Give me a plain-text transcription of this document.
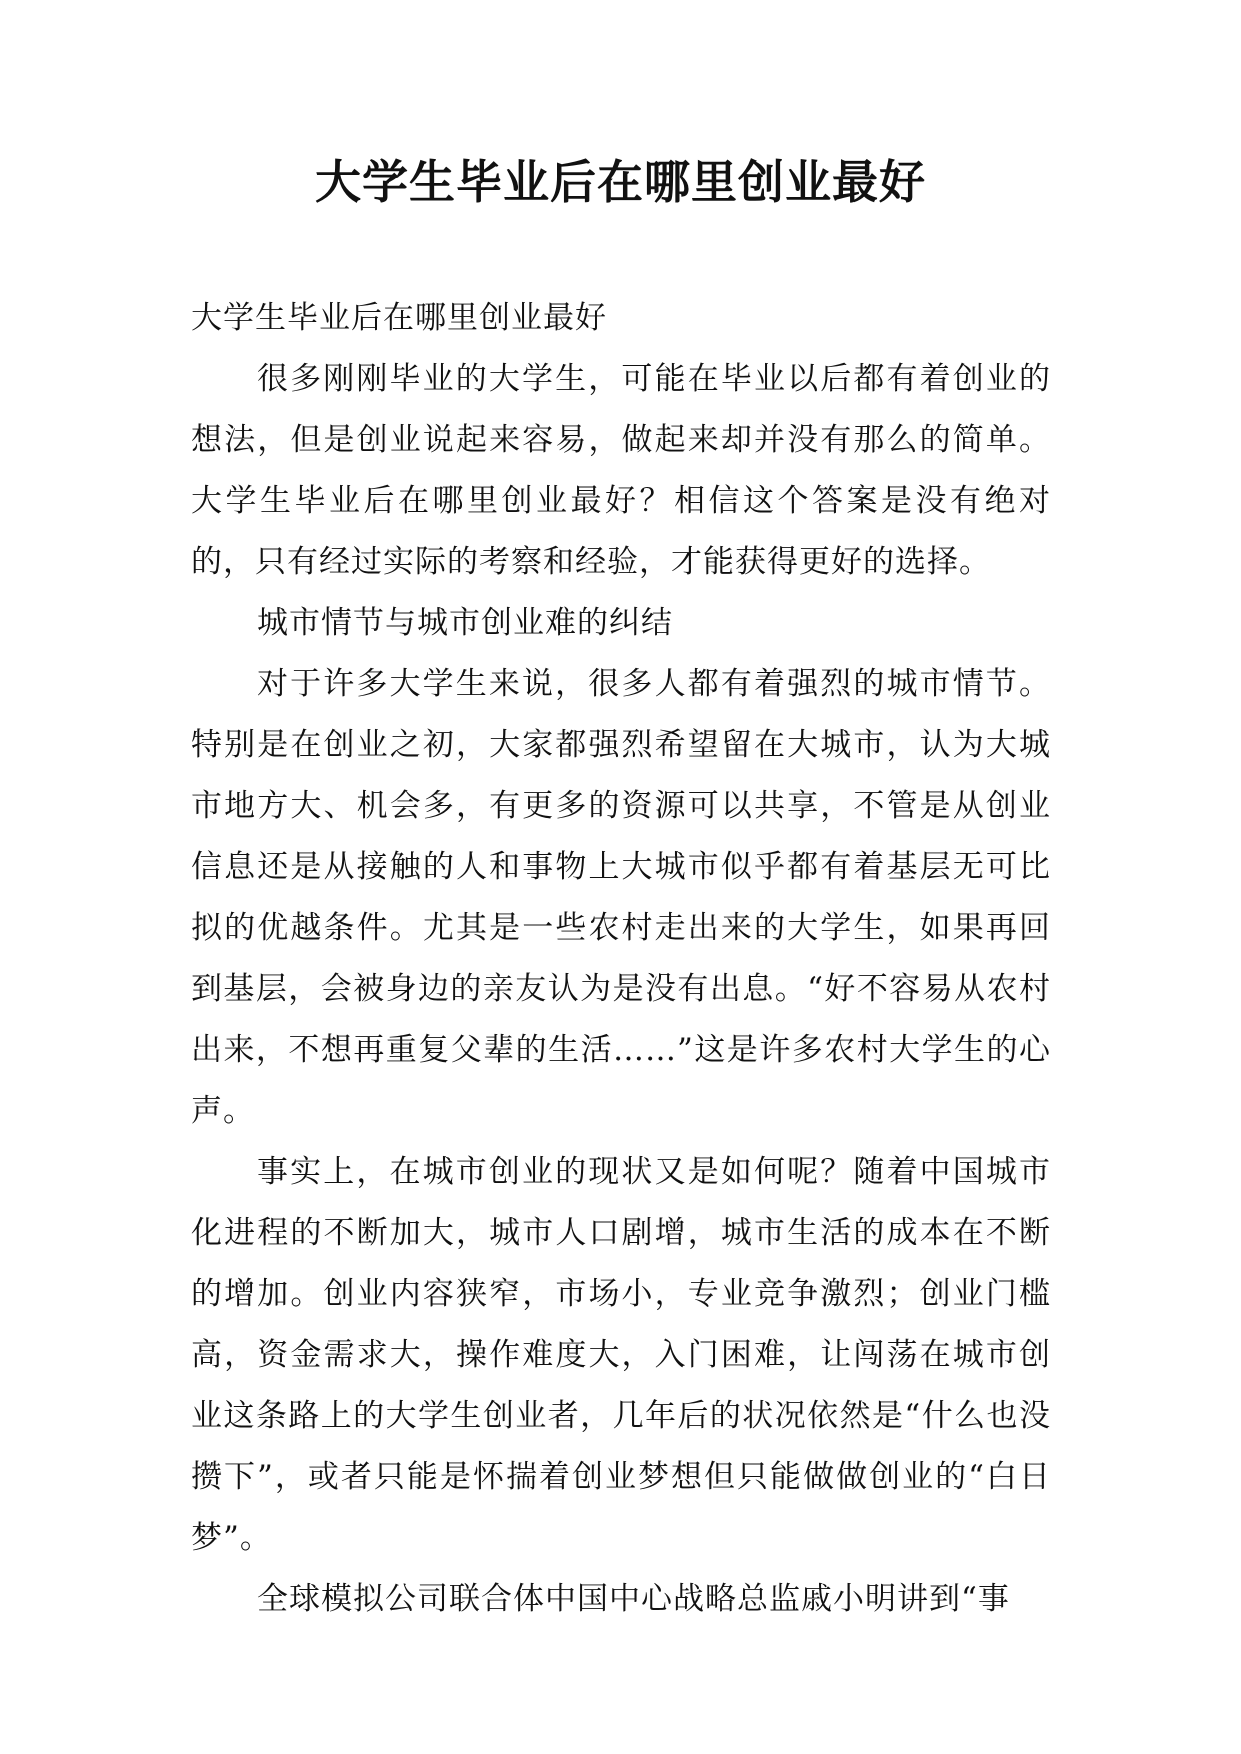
大学生毕业后在哪里创业最好

大学生毕业后在哪里创业最好

很多刚刚毕业的大学生，可能在毕业以后都有着创业的想法，但是创业说起来容易，做起来却并没有那么的简单。大学生毕业后在哪里创业最好？相信这个答案是没有绝对的，只有经过实际的考察和经验，才能获得更好的选择。

城市情节与城市创业难的纠结

对于许多大学生来说，很多人都有着强烈的城市情节。特别是在创业之初，大家都强烈希望留在大城市，认为大城市地方大、机会多，有更多的资源可以共享，不管是从创业信息还是从接触的人和事物上大城市似乎都有着基层无可比拟的优越条件。尤其是一些农村走出来的大学生，如果再回到基层，会被身边的亲友认为是没有出息。“好不容易从农村出来，不想再重复父辈的生活……”这是许多农村大学生的心声。

事实上，在城市创业的现状又是如何呢？随着中国城市化进程的不断加大，城市人口剧增，城市生活的成本在不断的增加。创业内容狭窄，市场小，专业竞争激烈；创业门槛高，资金需求大，操作难度大，入门困难，让闯荡在城市创业这条路上的大学生创业者，几年后的状况依然是“什么也没攒下”，或者只能是怀揣着创业梦想但只能做做创业的“白日梦”。

全球模拟公司联合体中国中心战略总监戚小明讲到“事
